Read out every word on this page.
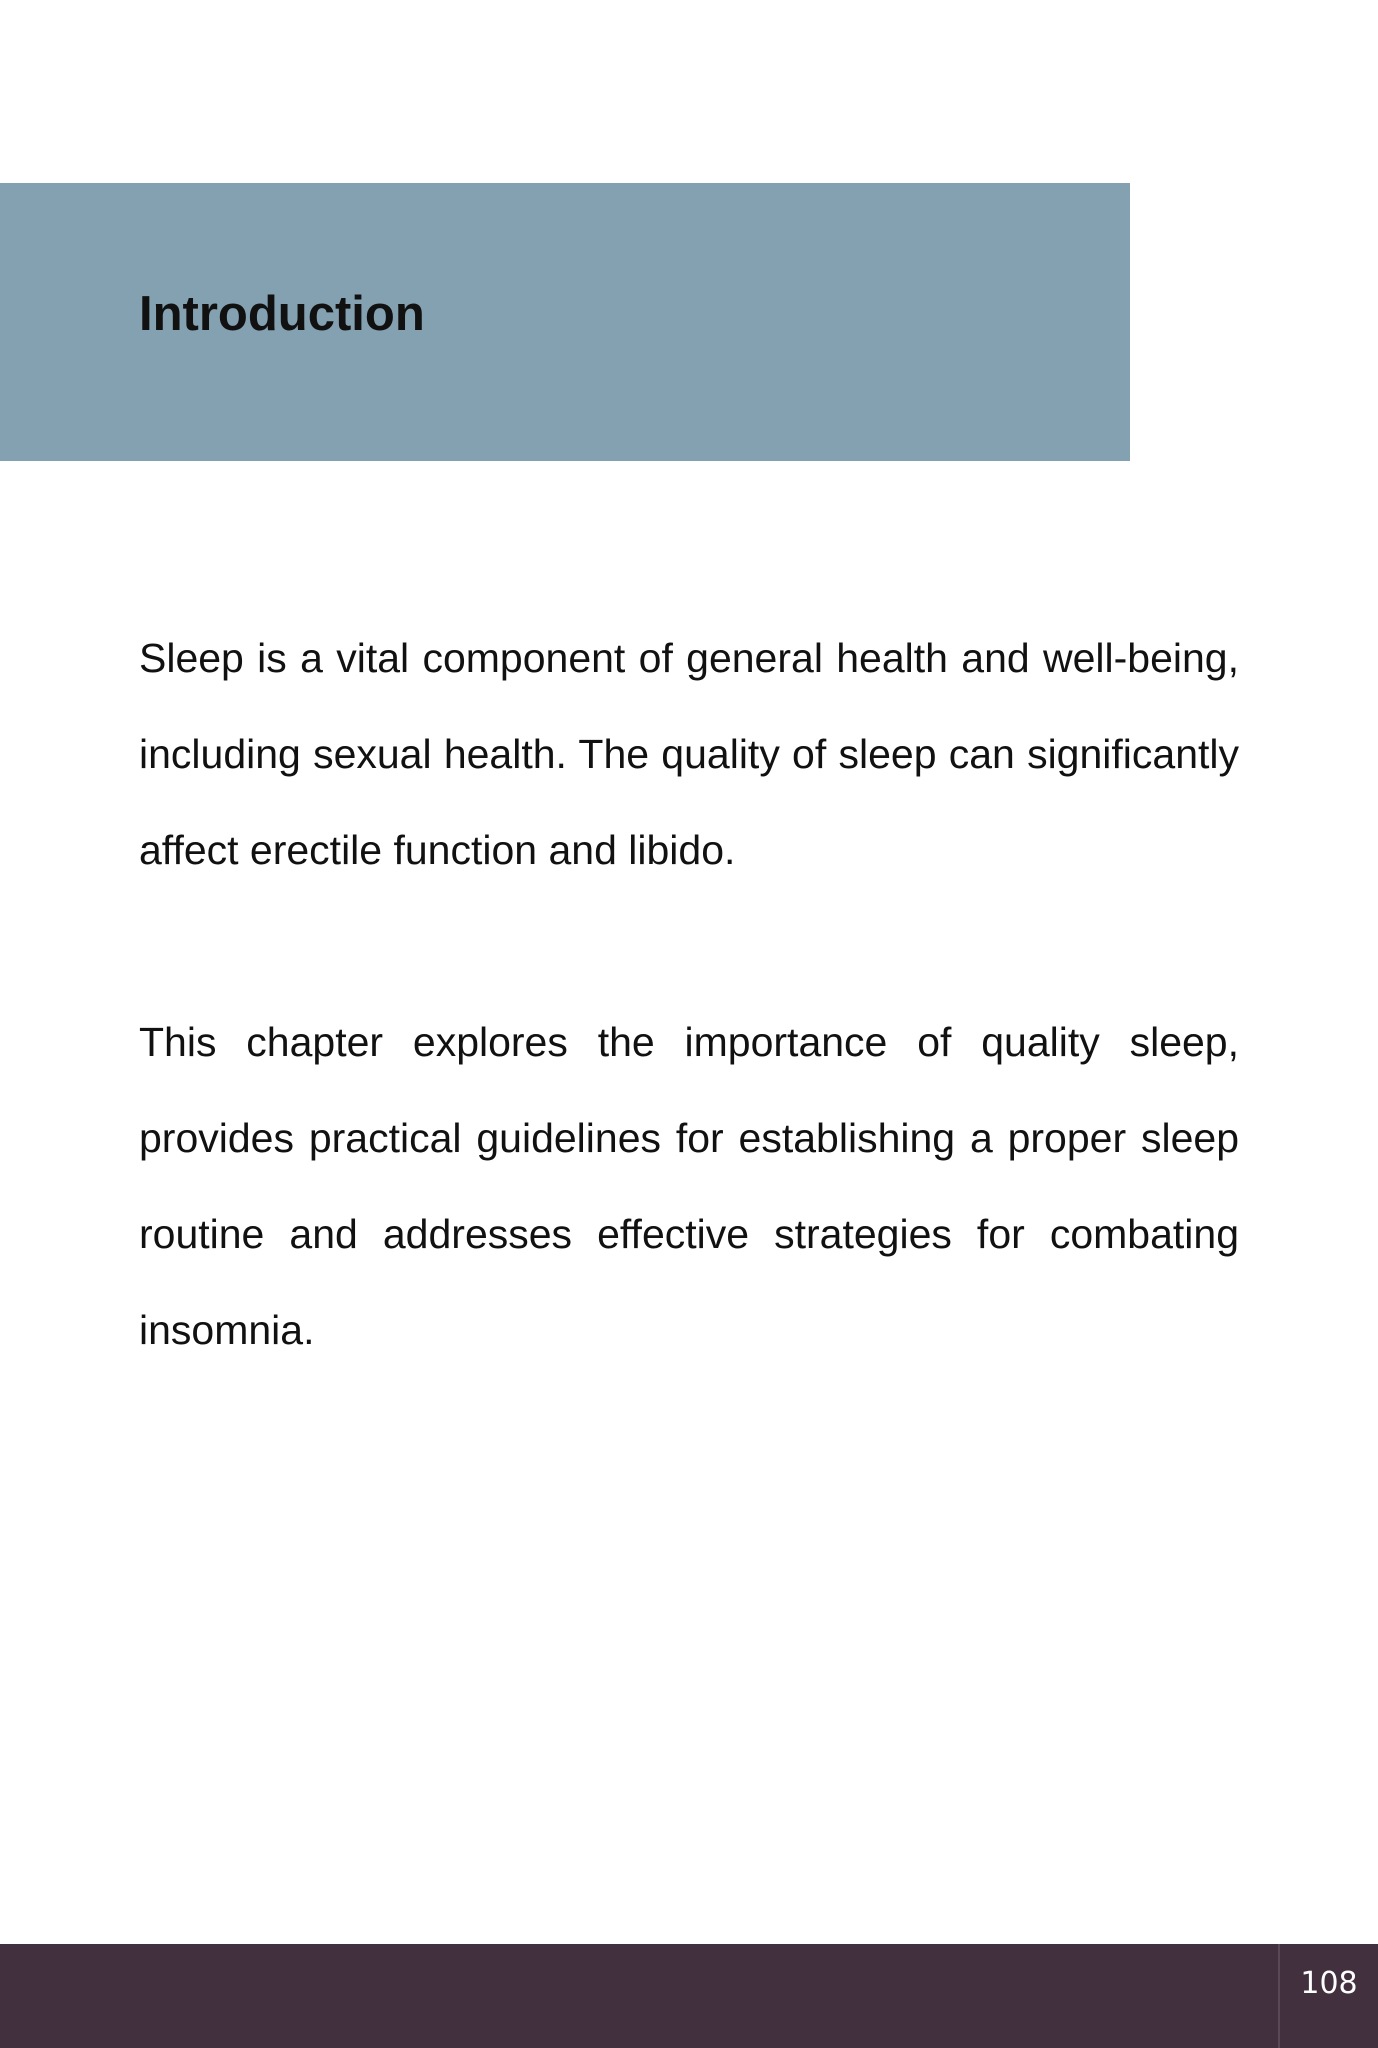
Introduction

Sleep is a vital component of general health and well-being, including sexual health. The quality of sleep can significantly affect erectile function and libido.

This chapter explores the importance of quality sleep, provides practical guidelines for establishing a proper sleep routine and addresses effective strategies for combating insomnia.

108
